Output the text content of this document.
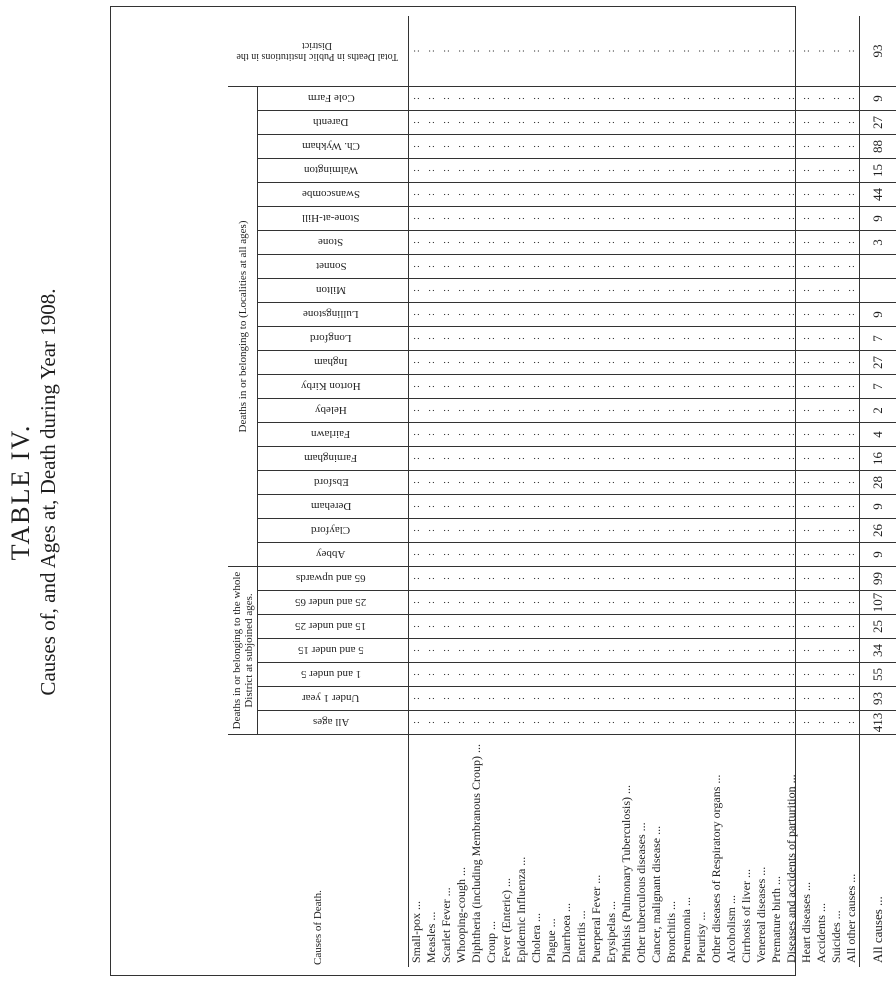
TABLE IV. Causes of, and Ages at, Death during Year 1908.
Causes of Death.	Deaths in or belonging to the whole District at subjoined ages.							Deaths in or belonging to (Localities at all ages)																				Total Deaths in Public Institutions in the District
	All ages	Under 1 year	1 and under 5	5 and under 15	15 and under 25	25 and under 65	65 and upwards	Abbey	Clayford	Dereham	Ebsford	Farningham	Fairlawn	Heleby	Horton Kirby	Ingham	Longford	Lullingstone	Milton	Sonnet	Stone	Stone-at-Hill	Swanscombe	Walmington	Ch. Wykham	Darenth	Cole Farm	
Small-pox ...	:	:	:	:	:	:	:	:	:	:	:	:	:	:	:	:	:	:	:	:	:	:	:	:	:	:	:	:
Measles ...	:	:	:	:	:	:	:	:	:	:	:	:	:	:	:	:	:	:	:	:	:	:	:	:	:	:	:	:
Scarlet Fever ...	:	:	:	:	:	:	:	:	:	:	:	:	:	:	:	:	:	:	:	:	:	:	:	:	:	:	:	:
Whooping-cough ...	:	:	:	:	:	:	:	:	:	:	:	:	:	:	:	:	:	:	:	:	:	:	:	:	:	:	:	:
Diphtheria (including Membranous Croup) ...	:	:	:	:	:	:	:	:	:	:	:	:	:	:	:	:	:	:	:	:	:	:	:	:	:	:	:	:
Croup ...	:	:	:	:	:	:	:	:	:	:	:	:	:	:	:	:	:	:	:	:	:	:	:	:	:	:	:	:
Fever (Enteric) ...	:	:	:	:	:	:	:	:	:	:	:	:	:	:	:	:	:	:	:	:	:	:	:	:	:	:	:	:
Epidemic Influenza ...	:	:	:	:	:	:	:	:	:	:	:	:	:	:	:	:	:	:	:	:	:	:	:	:	:	:	:	:
Cholera ...	:	:	:	:	:	:	:	:	:	:	:	:	:	:	:	:	:	:	:	:	:	:	:	:	:	:	:	:
Plague ...	:	:	:	:	:	:	:	:	:	:	:	:	:	:	:	:	:	:	:	:	:	:	:	:	:	:	:	:
Diarrhoea ...	:	:	:	:	:	:	:	:	:	:	:	:	:	:	:	:	:	:	:	:	:	:	:	:	:	:	:	:
Enteritis ...	:	:	:	:	:	:	:	:	:	:	:	:	:	:	:	:	:	:	:	:	:	:	:	:	:	:	:	:
Puerperal Fever ...	:	:	:	:	:	:	:	:	:	:	:	:	:	:	:	:	:	:	:	:	:	:	:	:	:	:	:	:
Erysipelas ...	:	:	:	:	:	:	:	:	:	:	:	:	:	:	:	:	:	:	:	:	:	:	:	:	:	:	:	:
Phthisis (Pulmonary Tuberculosis) ...	:	:	:	:	:	:	:	:	:	:	:	:	:	:	:	:	:	:	:	:	:	:	:	:	:	:	:	:
Other tuberculous diseases ...	:	:	:	:	:	:	:	:	:	:	:	:	:	:	:	:	:	:	:	:	:	:	:	:	:	:	:	:
Cancer, malignant disease ...	:	:	:	:	:	:	:	:	:	:	:	:	:	:	:	:	:	:	:	:	:	:	:	:	:	:	:	:
Bronchitis ...	:	:	:	:	:	:	:	:	:	:	:	:	:	:	:	:	:	:	:	:	:	:	:	:	:	:	:	:
Pneumonia ...	:	:	:	:	:	:	:	:	:	:	:	:	:	:	:	:	:	:	:	:	:	:	:	:	:	:	:	:
Pleurisy ...	:	:	:	:	:	:	:	:	:	:	:	:	:	:	:	:	:	:	:	:	:	:	:	:	:	:	:	:
Other diseases of Respiratory organs ...	:	:	:	:	:	:	:	:	:	:	:	:	:	:	:	:	:	:	:	:	:	:	:	:	:	:	:	:
Alcoholism ...	:	:	:	:	:	:	:	:	:	:	:	:	:	:	:	:	:	:	:	:	:	:	:	:	:	:	:	:
Cirrhosis of liver ...	:	:	:	:	:	:	:	:	:	:	:	:	:	:	:	:	:	:	:	:	:	:	:	:	:	:	:	:
Venereal diseases ...	:	:	:	:	:	:	:	:	:	:	:	:	:	:	:	:	:	:	:	:	:	:	:	:	:	:	:	:
Premature birth ...	:	:	:	:	:	:	:	:	:	:	:	:	:	:	:	:	:	:	:	:	:	:	:	:	:	:	:	:
Diseases and accidents of parturition ...	:	:	:	:	:	:	:	:	:	:	:	:	:	:	:	:	:	:	:	:	:	:	:	:	:	:	:	:
Heart diseases ...	:	:	:	:	:	:	:	:	:	:	:	:	:	:	:	:	:	:	:	:	:	:	:	:	:	:	:	:
Accidents ...	:	:	:	:	:	:	:	:	:	:	:	:	:	:	:	:	:	:	:	:	:	:	:	:	:	:	:	:
Suicides ...	:	:	:	:	:	:	:	:	:	:	:	:	:	:	:	:	:	:	:	:	:	:	:	:	:	:	:	:
All other causes ...	:	:	:	:	:	:	:	:	:	:	:	:	:	:	:	:	:	:	:	:	:	:	:	:	:	:	:	:
All causes ...	413	93	55	34	25	107	99	9	26	9	28	16	4	2	7	27	7	9			3	9	44	15	88	27	9	93
